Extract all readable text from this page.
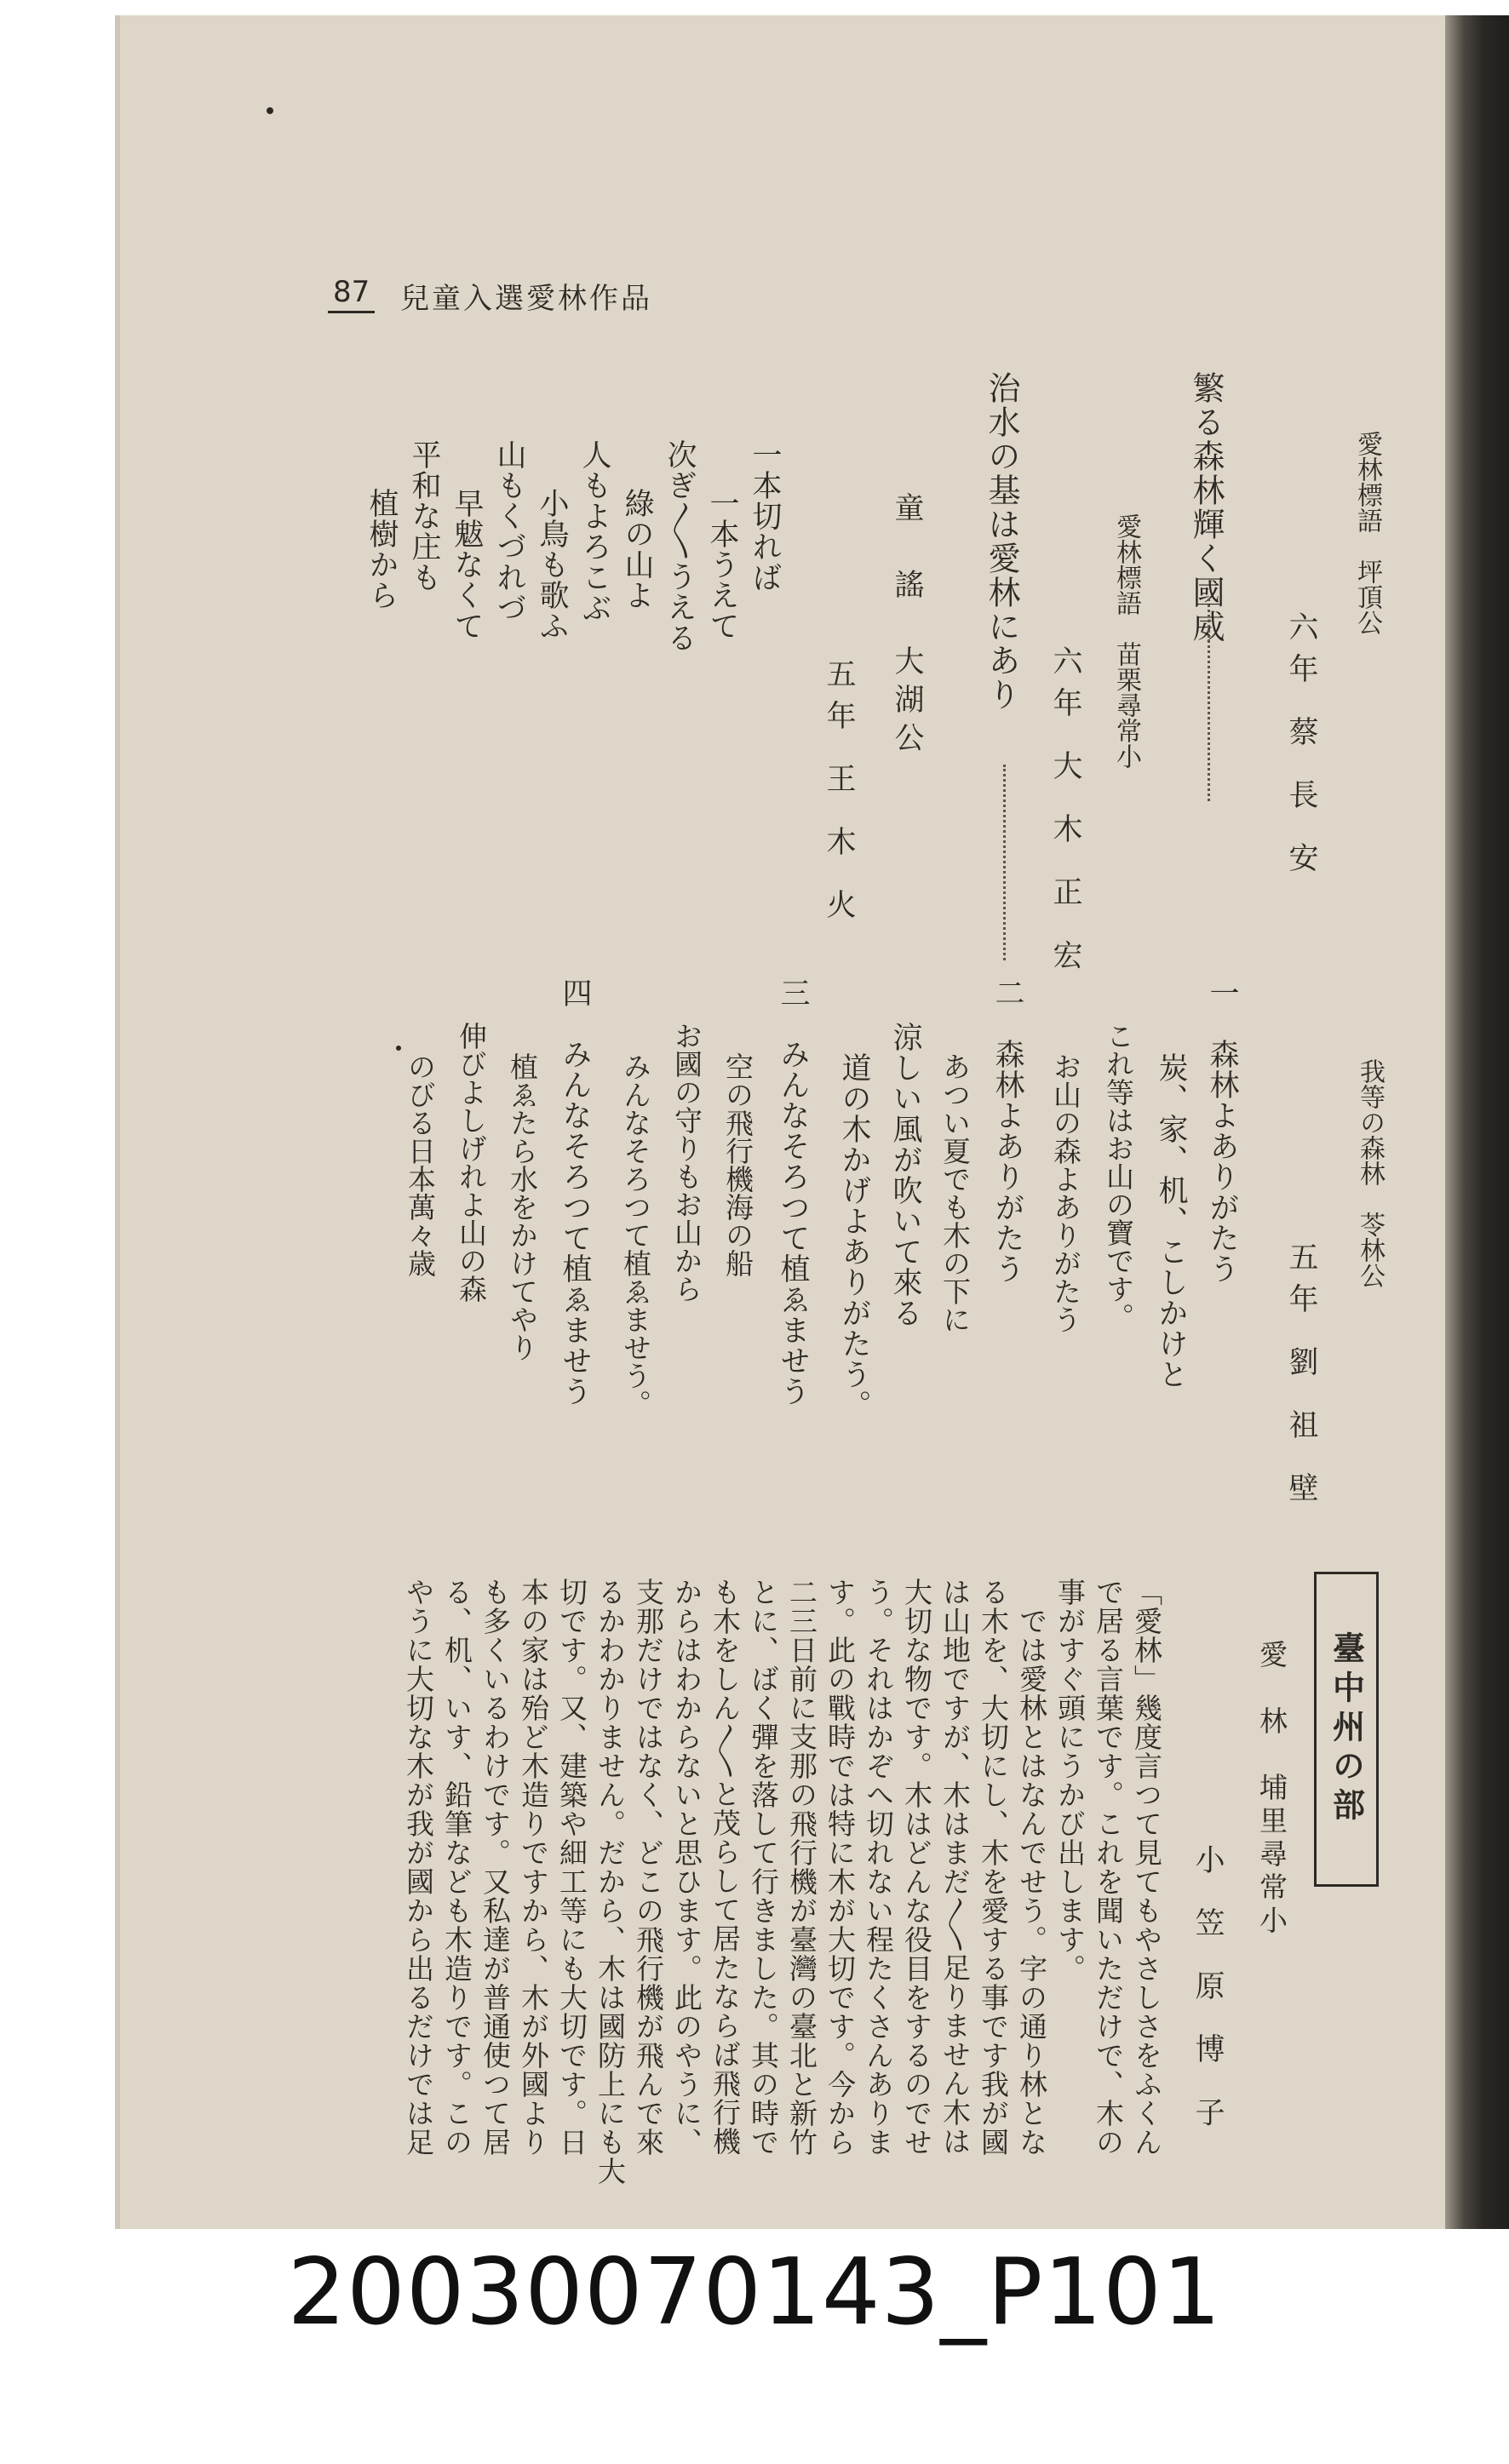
87 兒童入選愛林作品
愛林標語　坪頂公
六年 蔡 長 安
繁る森林輝く國威
愛林標語　苗栗尋常小
六年 大 木 正 宏
治水の基は愛林にあり
童　謠　大湖公
五年 王 木 火
一本切れば
一本うえて
次ぎ〳〵うえる
綠の山よ
人もよろこぶ
小鳥も歌ふ
山もくづれづ
早魃なくて
平和な庄も
植樹から
我等の森林　苓林公
五年 劉 祖 壁
一　森林よありがたう
炭、家、机、こしかけと
これ等はお山の寶です。
お山の森よありがたう
二　森林よありがたう
あつい夏でも木の下に
涼しい風が吹いて來る
道の木かげよありがたう。
三　みんなそろつて植ゑませう
空の飛行機海の船
お國の守りもお山から
みんなそろつて植ゑませう。
四　みんなそろつて植ゑませう
植ゑたら水をかけてやり
伸びよしげれよ山の森
のびる日本萬々歳
臺中州の部
愛　林　埔里尋常小
小 笠 原 博 子
「愛林」幾度言つて見てもやさしさをふくん
で居る言葉です。これを聞いただけで、木の
事がすぐ頭にうかび出します。
　では愛林とはなんでせう。字の通り林とな
る木を、大切にし、木を愛する事です我が國
は山地ですが、木はまだ〳〵足りません木は
大切な物です。木はどんな役目をするのでせ
う。それはかぞへ切れない程たくさんありま
す。此の戰時では特に木が大切です。今から
二三日前に支那の飛行機が臺灣の臺北と新竹
とに、ばく彈を落して行きました。其の時で
も木をしん〳〵と茂らして居たならば飛行機
からはわからないと思ひます。此のやうに、
支那だけではなく、どこの飛行機が飛んで來
るかわかりません。だから、木は國防上にも大
切です。又、建築や細工等にも大切です。日
本の家は殆ど木造りですから、木が外國より
も多くいるわけです。又私達が普通使つて居
る、机、いす、鉛筆なども木造りです。この
やうに大切な木が我が國から出るだけでは足
20030070143_P101
